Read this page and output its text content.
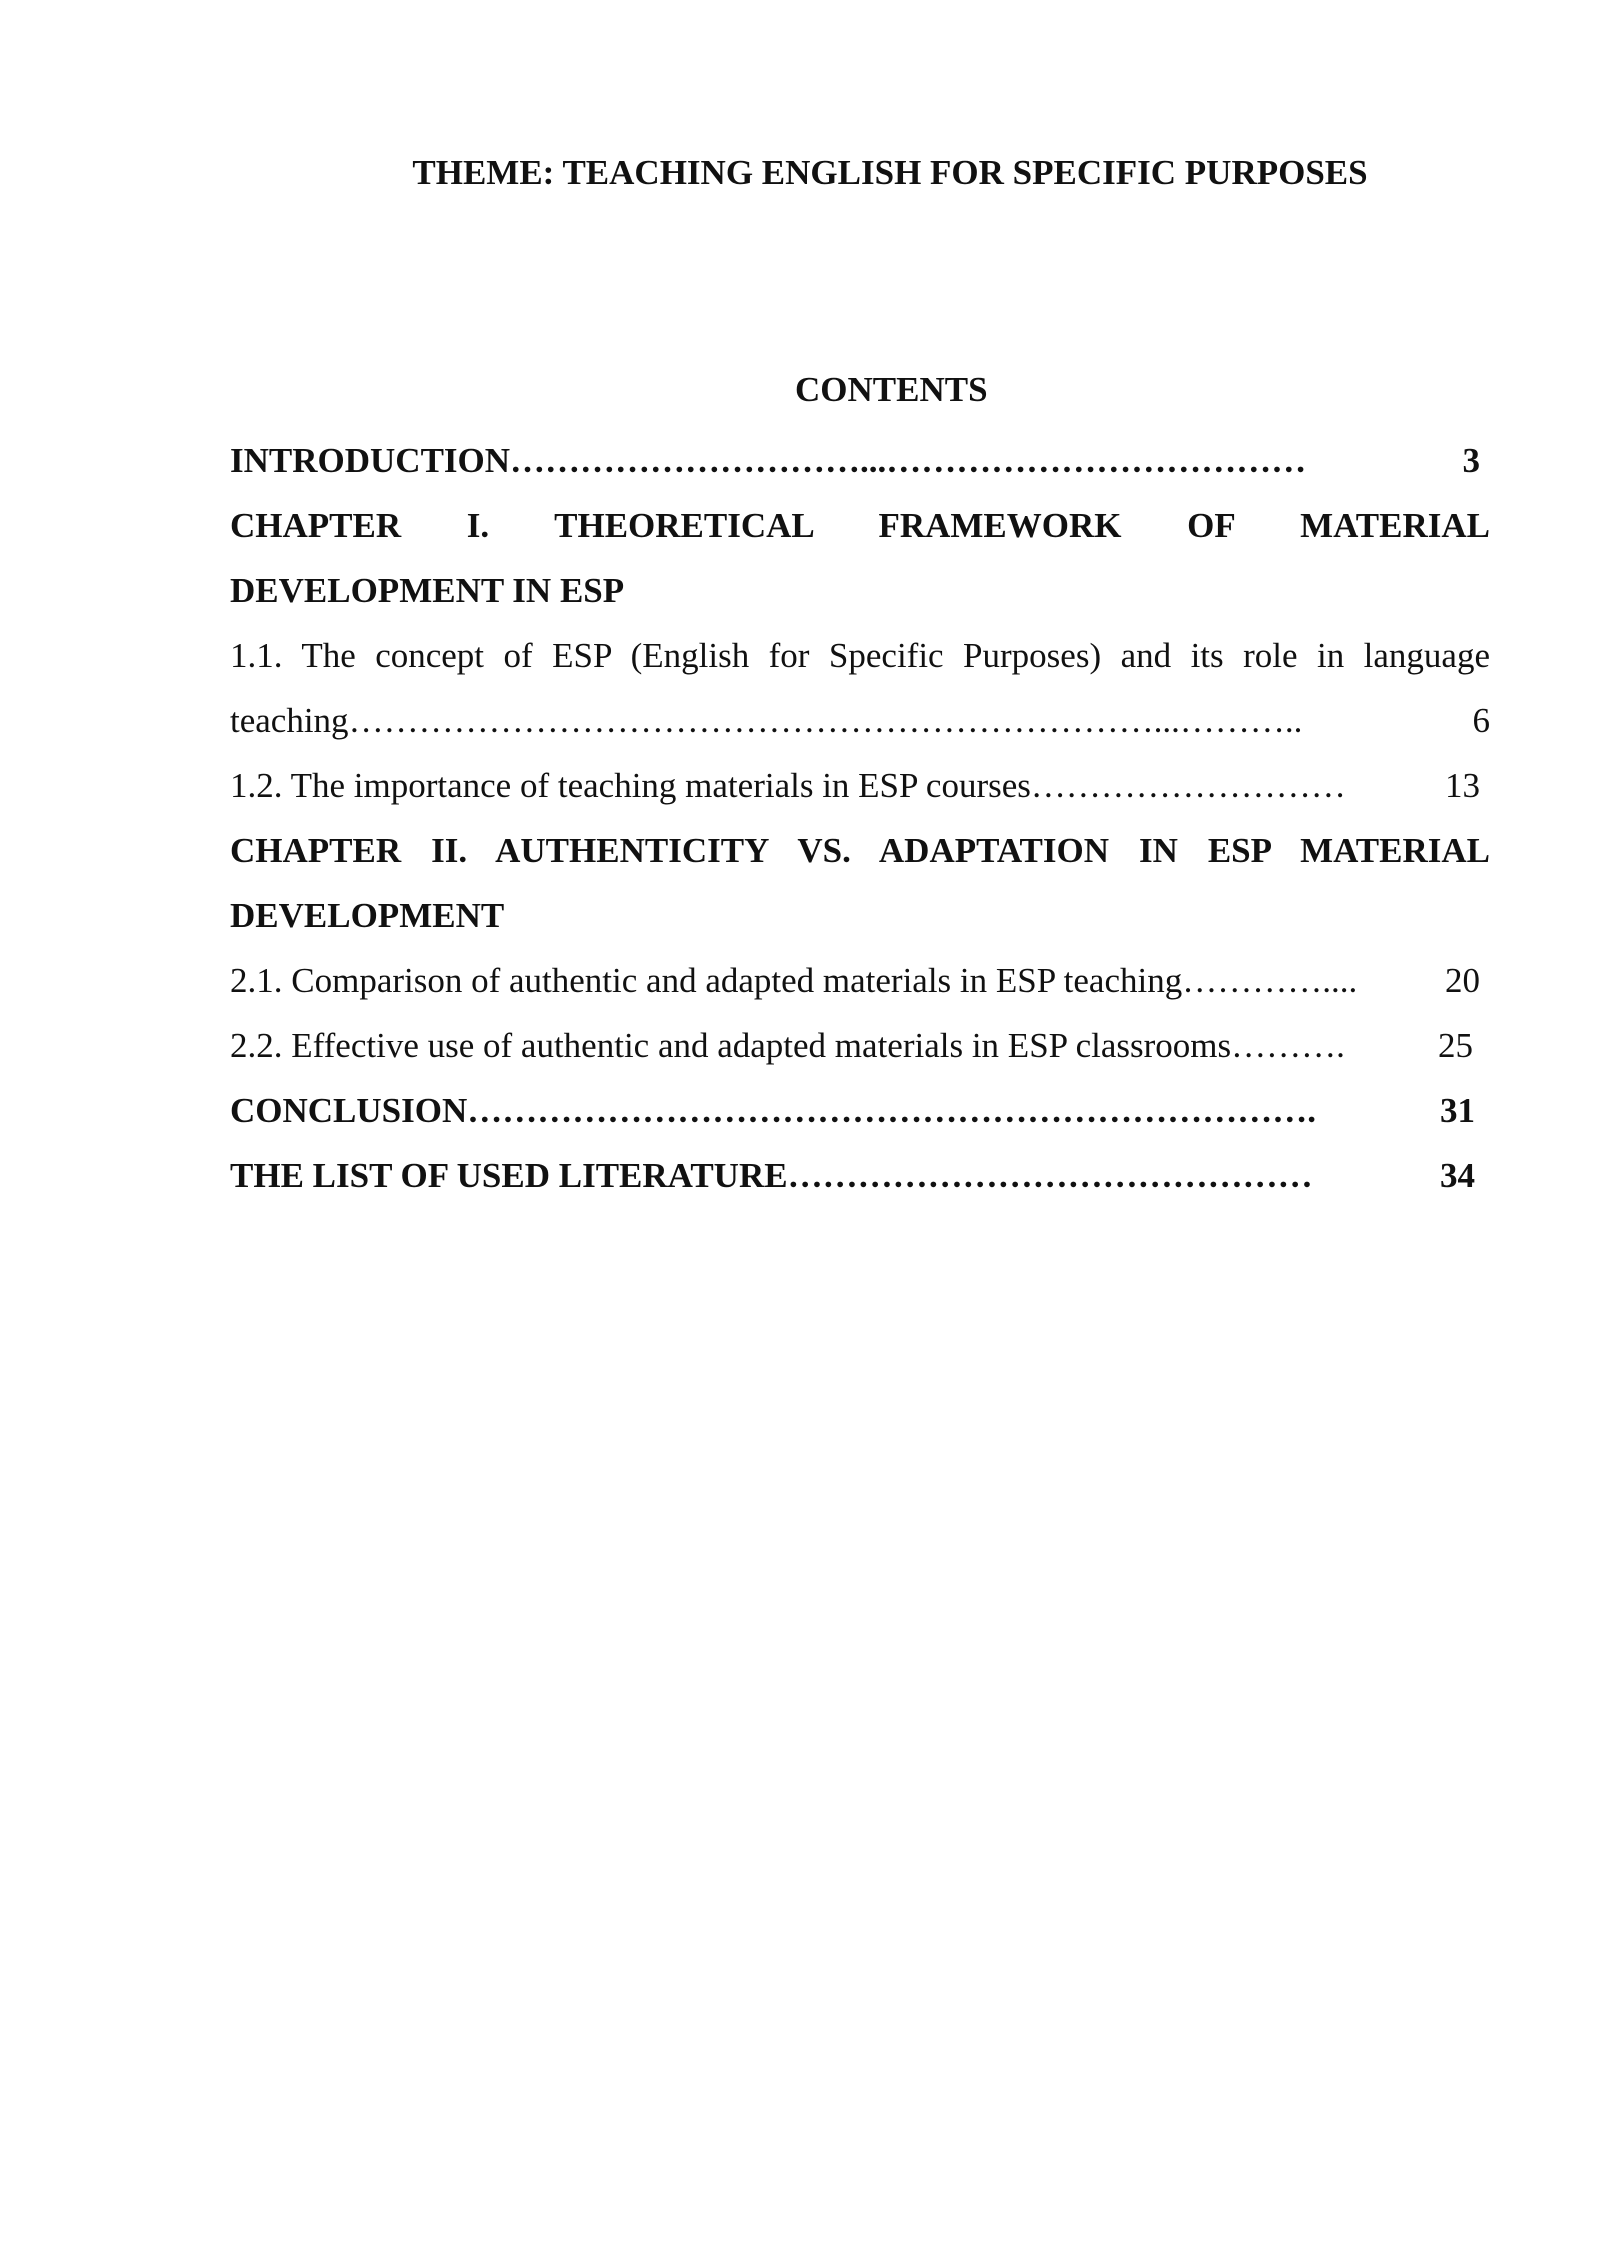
THEME: TEACHING ENGLISH FOR SPECIFIC PURPOSES
CONTENTS
INTRODUCTION …………………………...………………………………	3
CHAPTER I. THEORETICAL FRAMEWORK OF MATERIAL
DEVELOPMENT IN ESP
1.1. The concept of ESP (English for Specific Purposes) and its role in language
teaching ……………………………………………………………...………..	6
1.2. The importance of teaching materials in ESP courses ………………………	13
CHAPTER II. AUTHENTICITY VS. ADAPTATION IN ESP MATERIAL
DEVELOPMENT
2.1. Comparison of authentic and adapted materials in ESP teaching …………....	20
2.2. Effective use of authentic and adapted materials in ESP classrooms ……….	25
CONCLUSION ……………………………………………………………….	31
THE LIST OF USED LITERATURE ………………………………………	34
